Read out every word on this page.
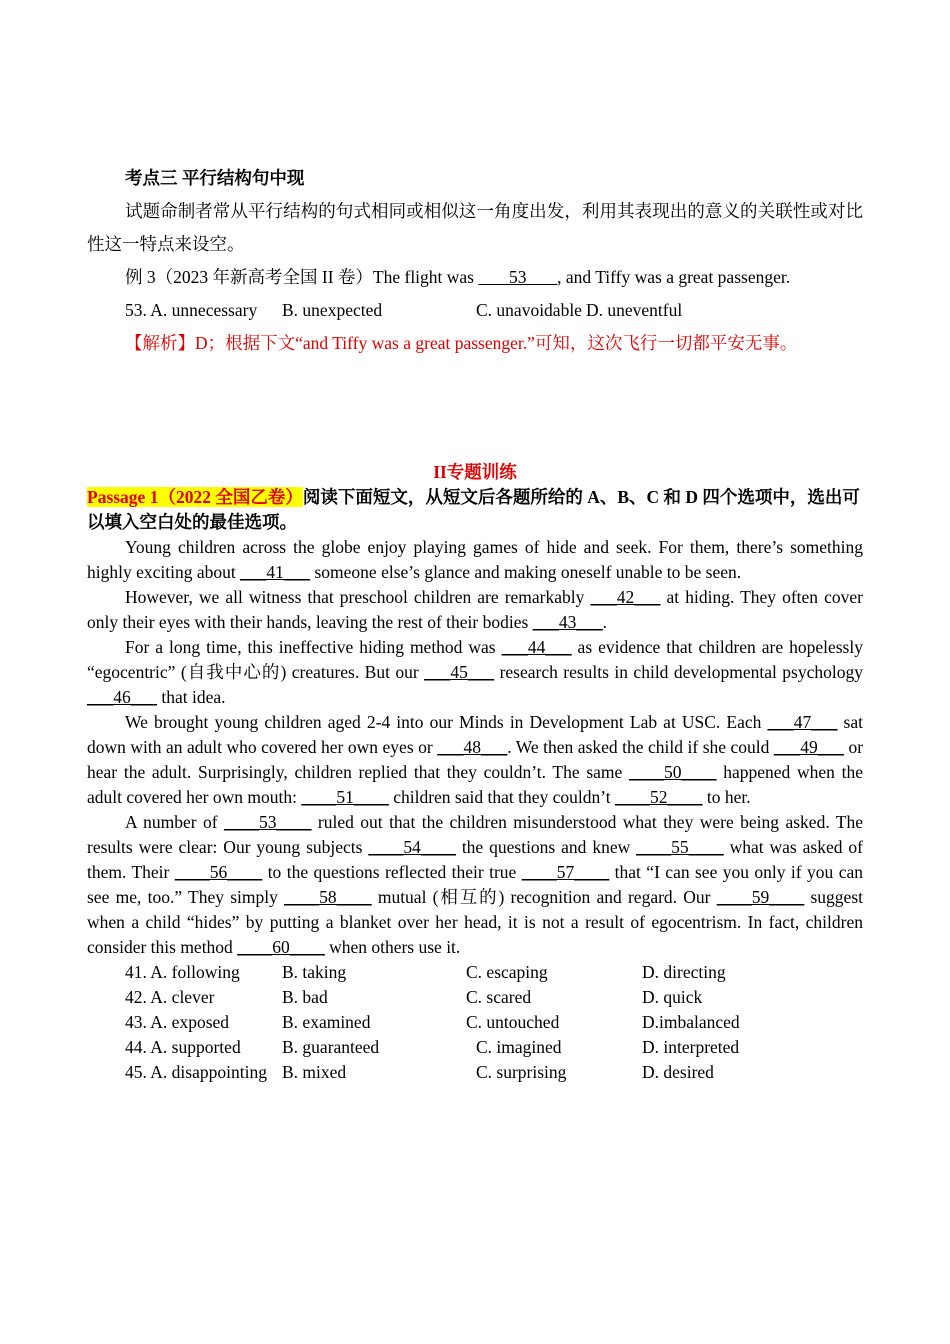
考点三 平行结构句中现

试题命制者常从平行结构的句式相同或相似这一角度出发，利用其表现出的意义的关联性或对比性这一特点来设空。

例 3（2023 年新高考全国 II 卷）The flight was        53       , and Tiffy was a great passenger.

53. A. unnecessary	B. unexpected	C. unavoidable D. uneventful

【解析】D；根据下文“and Tiffy was a great passenger.”可知，这次飞行一切都平安无事。

II专题训练

Passage 1（2022 全国乙卷）阅读下面短文，从短文后各题所给的 A、B、C 和 D 四个选项中，选出可以填入空白处的最佳选项。

Young children across the globe enjoy playing games of hide and seek. For them, there’s something highly exciting about ___41___ someone else’s glance and making oneself unable to be seen.

However, we all witness that preschool children are remarkably ___42___ at hiding. They often cover only their eyes with their hands, leaving the rest of their bodies ___43___.

For a long time, this ineffective hiding method was ___44___ as evidence that children are hopelessly “egocentric” (自我中心的) creatures. But our ___45___ research results in child developmental psychology ___46___ that idea.

We brought young children aged 2-4 into our Minds in Development Lab at USC. Each ___47___ sat down with an adult who covered her own eyes or ___48___. We then asked the child if she could ___49___ or hear the adult. Surprisingly, children replied that they couldn’t. The same ____50____ happened when the adult covered her own mouth: ____51____ children said that they couldn’t ____52____ to her.

A number of ____53____ ruled out that the children misunderstood what they were being asked. The results were clear: Our young subjects ____54____ the questions and knew ____55____ what was asked of them. Their ____56____ to the questions reflected their true ____57____ that “I can see you only if you can see me, too.” They simply ____58____ mutual (相互的) recognition and regard. Our ____59____ suggest when a child “hides” by putting a blanket over her head, it is not a result of egocentrism. In fact, children consider this method ____60____ when others use it.

41. A. following	B. taking	C. escaping	D. directing
42. A. clever	B. bad	C. scared	D. quick
43. A. exposed	B. examined	C. untouched	D.imbalanced
44. A. supported	B. guaranteed	C. imagined	D. interpreted
45. A. disappointing B. mixed	C. surprising	D. desired
